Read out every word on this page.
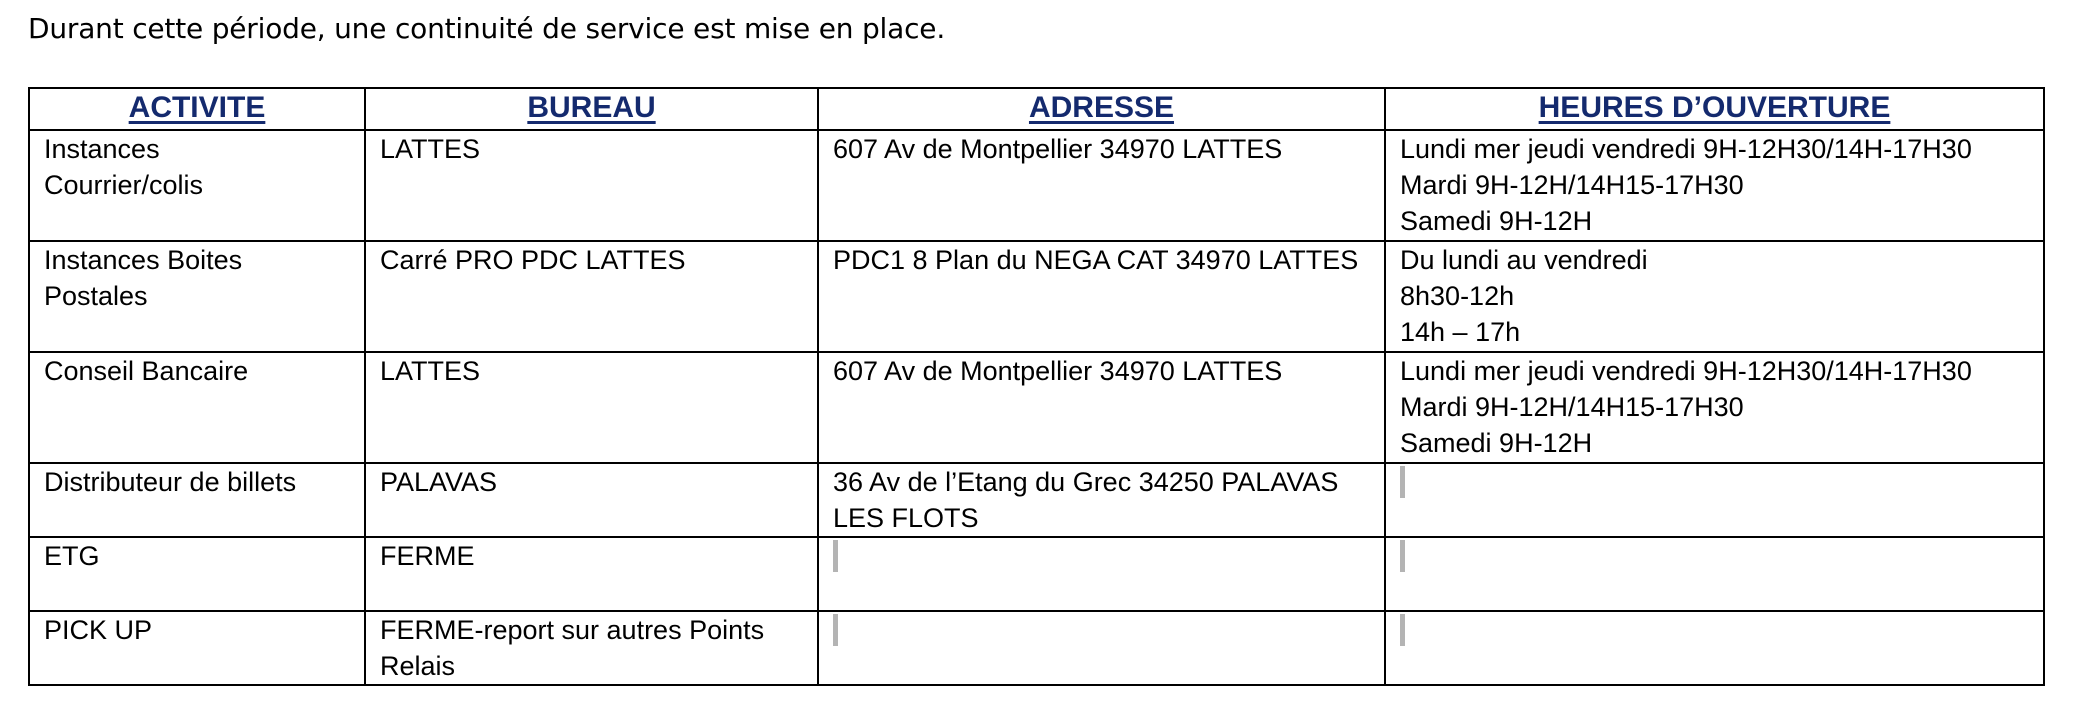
Durant cette période, une continuité de service est mise en place.

ACTIVITE	BUREAU	ADRESSE	HEURES D’OUVERTURE

Instances
Courrier/colis	LATTES	607 Av de Montpellier 34970 LATTES	Lundi mer jeudi vendredi 9H-12H30/14H-17H30
Mardi 9H-12H/14H15-17H30
Samedi 9H-12H

Instances Boites
Postales	Carré PRO PDC LATTES	PDC1 8 Plan du NEGA CAT 34970 LATTES	Du lundi au vendredi
8h30-12h
14h – 17h

Conseil Bancaire	LATTES	607 Av de Montpellier 34970 LATTES	Lundi mer jeudi vendredi 9H-12H30/14H-17H30
Mardi 9H-12H/14H15-17H30
Samedi 9H-12H

Distributeur de billets	PALAVAS	36 Av de l’Etang du Grec 34250 PALAVAS
LES FLOTS	

ETG	FERME		

PICK UP	FERME-report sur autres Points
Relais		
